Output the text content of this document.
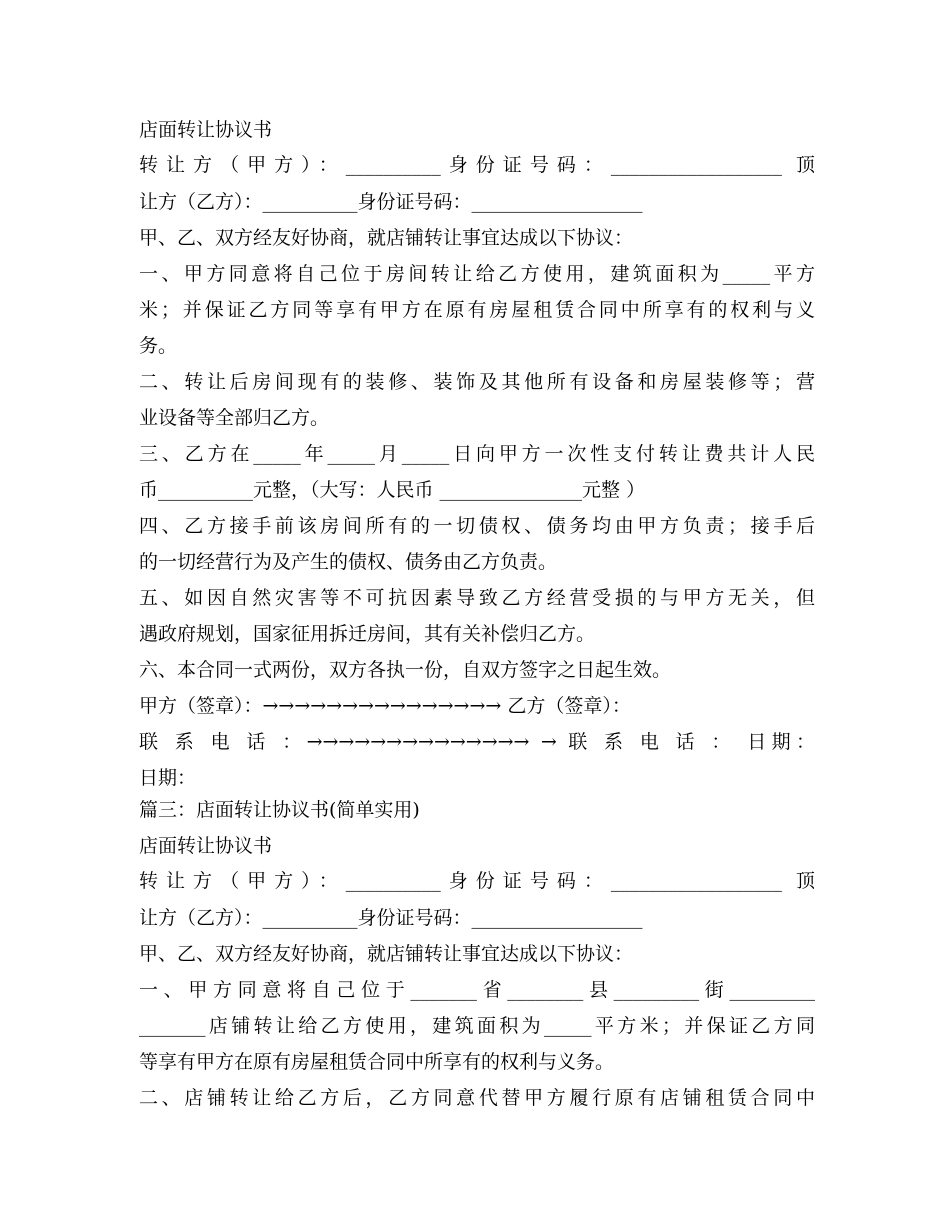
店面转让协议书
转让方（甲方）：__________身份证号码：__________________ 顶
让方（乙方）：__________身份证号码：__________________
甲、乙、双方经友好协商，就店铺转让事宜达成以下协议：
一、甲方同意将自己位于房间转让给乙方使用，建筑面积为_____平方
米；并保证乙方同等享有甲方在原有房屋租赁合同中所享有的权利与义
务。
二、转让后房间现有的装修、装饰及其他所有设备和房屋装修等；营
业设备等全部归乙方。
三、乙方在_____年_____月_____日向甲方一次性支付转让费共计人民
币__________元整，（大写：人民币 _______________元整 ）
四、乙方接手前该房间所有的一切债权、债务均由甲方负责；接手后
的一切经营行为及产生的债权、债务由乙方负责。
五、如因自然灾害等不可抗因素导致乙方经营受损的与甲方无关，但
遇政府规划，国家征用拆迁房间，其有关补偿归乙方。
六、本合同一式两份，双方各执一份，自双方签字之日起生效。
甲方（签章）：→→→→→→→→→→→→→→→ 乙方（签章）：
联 系 电 话 ：→→→→→→→→→→→→→→ → 联 系 电 话 ： 日期：
日期：
篇三：店面转让协议书(简单实用)
店面转让协议书
转让方（甲方）：__________身份证号码：__________________ 顶
让方（乙方）：__________身份证号码：__________________
甲、乙、双方经友好协商，就店铺转让事宜达成以下协议：
一、甲方同意将自己位于_______省________县_________街_________
_______店铺转让给乙方使用，建筑面积为_____平方米；并保证乙方同
等享有甲方在原有房屋租赁合同中所享有的权利与义务。
二、店铺转让给乙方后，乙方同意代替甲方履行原有店铺租赁合同中
